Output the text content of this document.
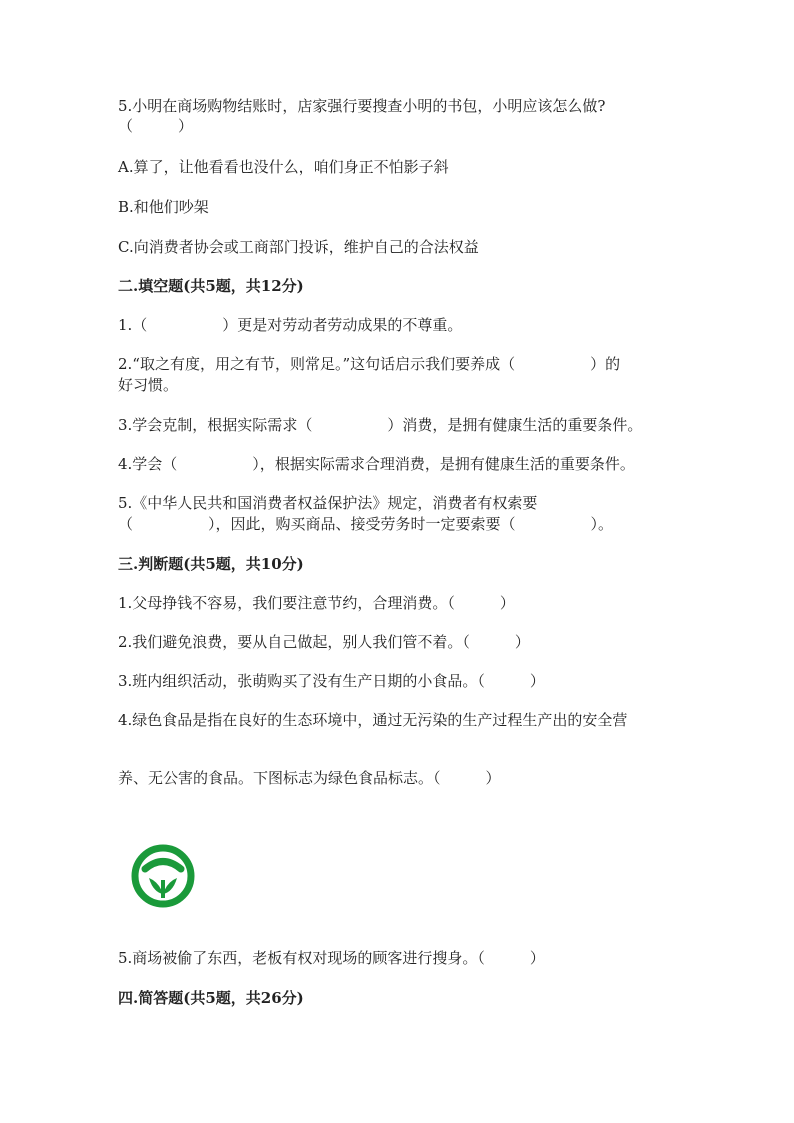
5.小明在商场购物结账时，店家强行要搜查小明的书包，小明应该怎么做?
（　　　）
A.算了，让他看看也没什么，咱们身正不怕影子斜
B.和他们吵架
C.向消费者协会或工商部门投诉，维护自己的合法权益
二.填空题(共5题，共12分)
1.（　　　　　）更是对劳动者劳动成果的不尊重。
2.“取之有度，用之有节，则常足。”这句话启示我们要养成（　　　　　）的
好习惯。
3.学会克制，根据实际需求（　　　　　）消费，是拥有健康生活的重要条件。
4.学会（　　　　　），根据实际需求合理消费，是拥有健康生活的重要条件。
5.《中华人民共和国消费者权益保护法》规定，消费者有权索要
（　　　　　），因此，购买商品、接受劳务时一定要索要（　　　　　）。
三.判断题(共5题，共10分)
1.父母挣钱不容易，我们要注意节约，合理消费。（　　　）
2.我们避免浪费，要从自己做起，别人我们管不着。（　　　）
3.班内组织活动，张萌购买了没有生产日期的小食品。（　　　）
4.绿色食品是指在良好的生态环境中，通过无污染的生产过程生产出的安全营
养、无公害的食品。下图标志为绿色食品标志。（　　　）
5.商场被偷了东西，老板有权对现场的顾客进行搜身。（　　　）
四.简答题(共5题，共26分)
